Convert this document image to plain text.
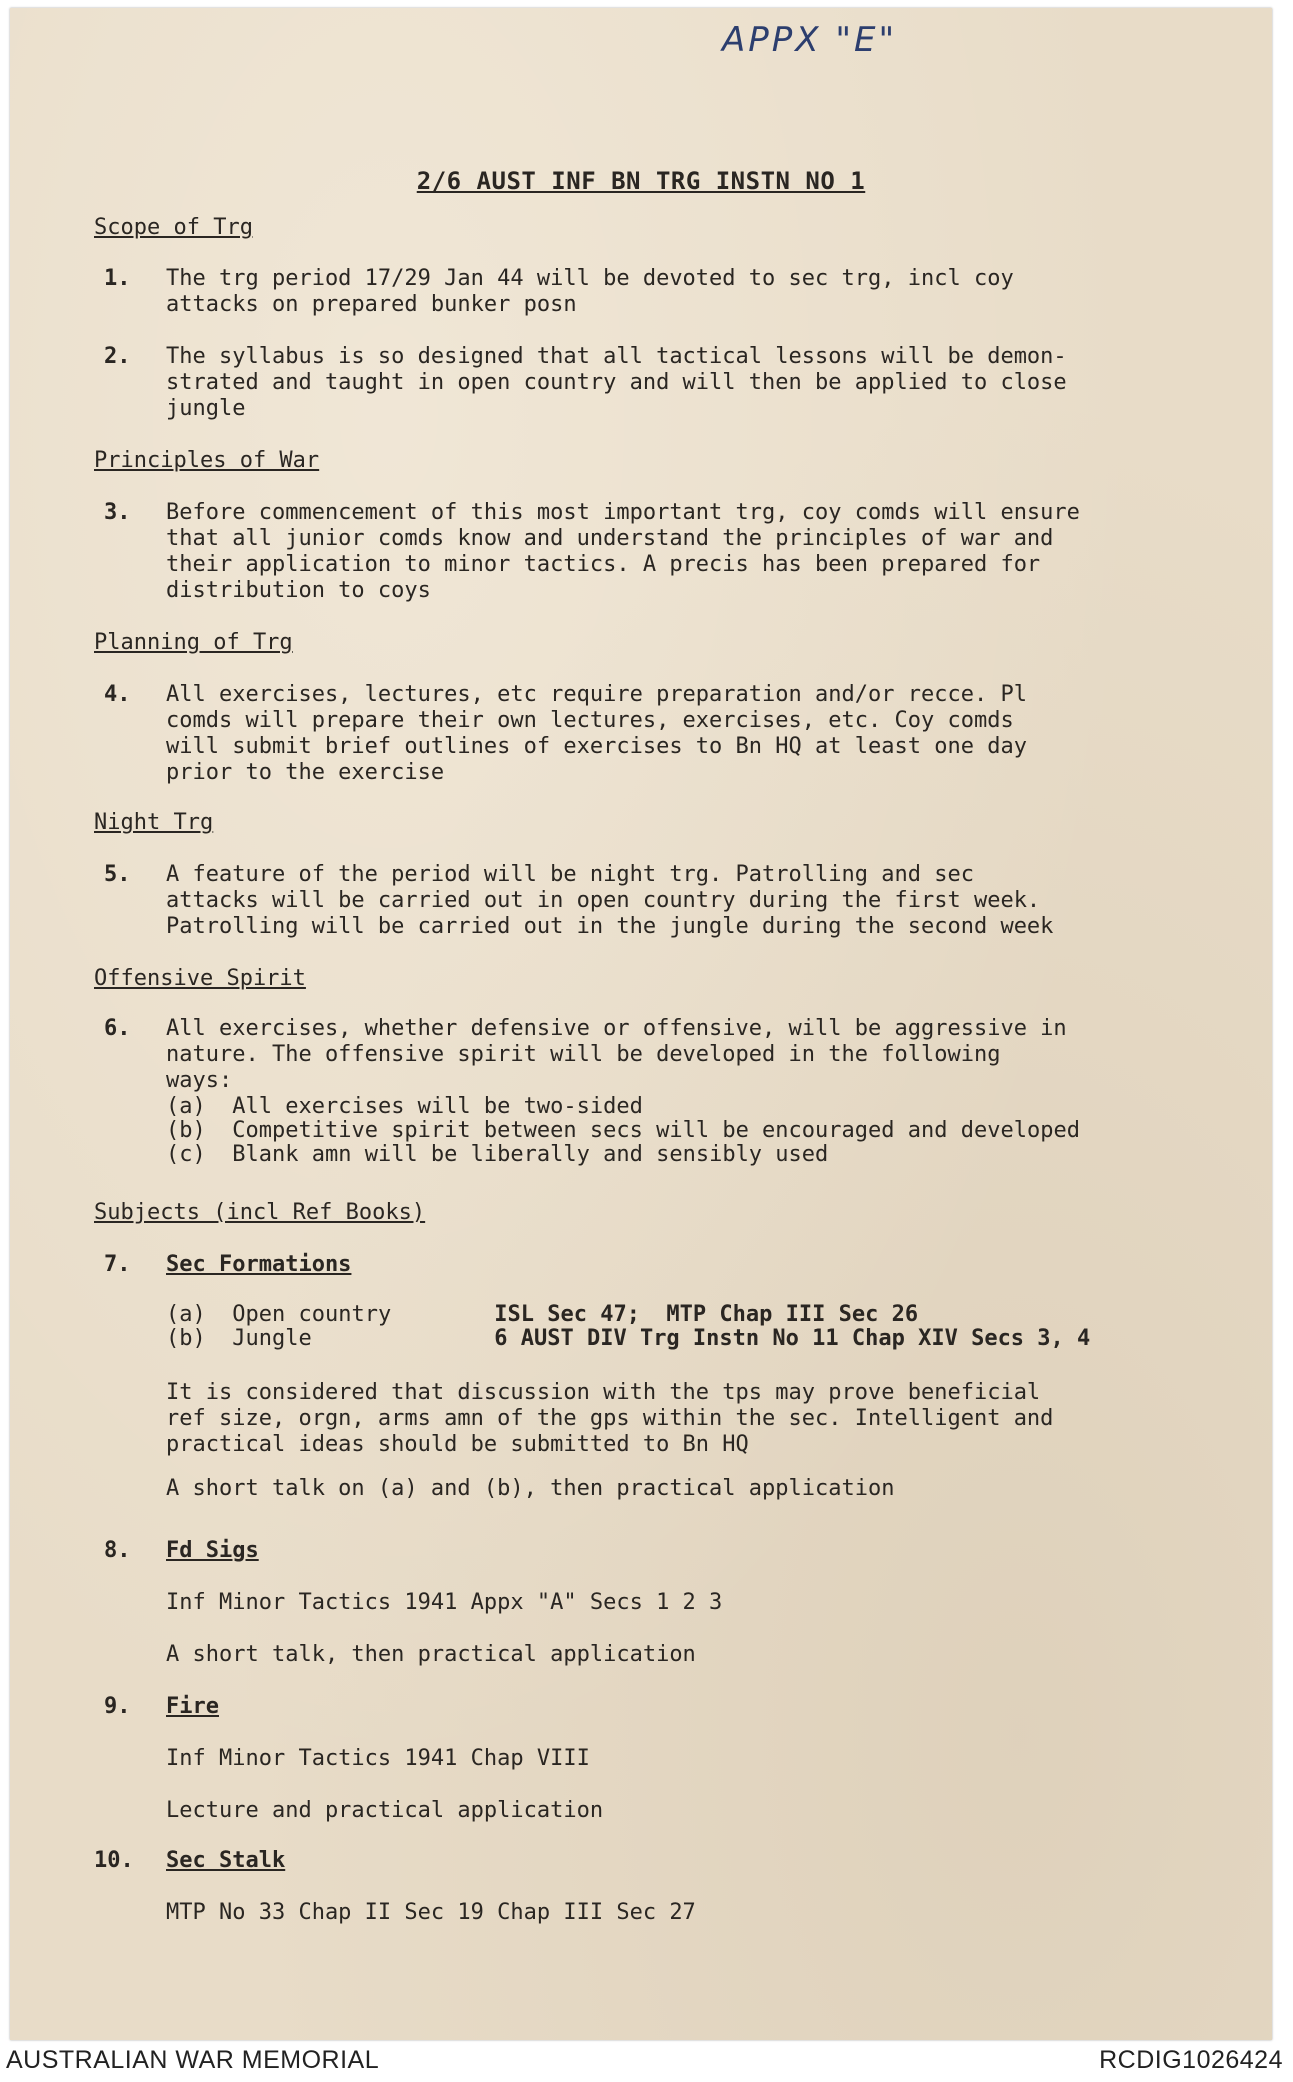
APPX "E"
2/6 AUST INF BN TRG INSTN NO 1
Scope of Trg
1. The trg period 17/29 Jan 44 will be devoted to sec trg, incl coy
attacks on prepared bunker posn
2. The syllabus is so designed that all tactical lessons will be demon-
strated and taught in open country and will then be applied to close
jungle
Principles of War
3. Before commencement of this most important trg, coy comds will ensure
that all junior comds know and understand the principles of war and
their application to minor tactics. A precis has been prepared for
distribution to coys
Planning of Trg
4. All exercises, lectures, etc require preparation and/or recce. Pl
comds will prepare their own lectures, exercises, etc. Coy comds
will submit brief outlines of exercises to Bn HQ at least one day
prior to the exercise
Night Trg
5. A feature of the period will be night trg. Patrolling and sec
attacks will be carried out in open country during the first week.
Patrolling will be carried out in the jungle during the second week
Offensive Spirit
6. All exercises, whether defensive or offensive, will be aggressive in
nature. The offensive spirit will be developed in the following
ways:
(a) All exercises will be two-sided
(b) Competitive spirit between secs will be encouraged and developed
(c) Blank amn will be liberally and sensibly used
Subjects (incl Ref Books)
7. Sec Formations
(a) Open country	ISL Sec 47;  MTP Chap III Sec 26
(b) Jungle	6 AUST DIV Trg Instn No 11 Chap XIV Secs 3, 4
It is considered that discussion with the tps may prove beneficial
ref size, orgn, arms amn of the gps within the sec. Intelligent and
practical ideas should be submitted to Bn HQ
A short talk on (a) and (b), then practical application
8. Fd Sigs
Inf Minor Tactics 1941 Appx "A" Secs 1 2 3
A short talk, then practical application
9. Fire
Inf Minor Tactics 1941 Chap VIII
Lecture and practical application
10. Sec Stalk
MTP No 33 Chap II Sec 19 Chap III Sec 27
AUSTRALIAN WAR MEMORIAL	RCDIG1026424
